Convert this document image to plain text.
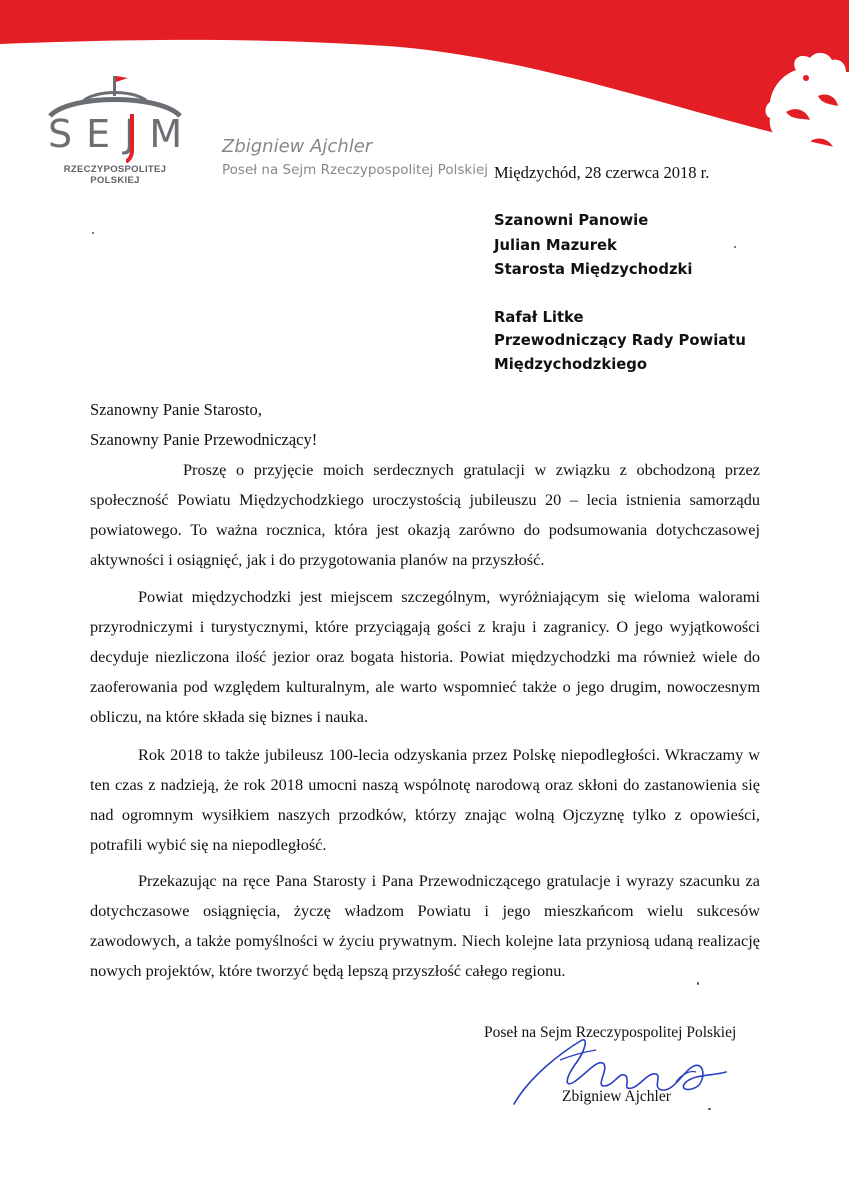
SEJM
RZECZYPOSPOLITEJ POLSKIEJ
Zbigniew Ajchler
Poseł na Sejm Rzeczypospolitej Polskiej Międzychód, 28 czerwca 2018 r.
Szanowni Panowie
Julian Mazurek
Starosta Międzychodzki
Rafał Litke
Przewodniczący Rady Powiatu
Międzychodzkiego
Szanowny Panie Starosto,
Szanowny Panie Przewodniczący!

Proszę o przyjęcie moich serdecznych gratulacji w związku z obchodzoną przez społeczność Powiatu Międzychodzkiego uroczystością jubileuszu 20 – lecia istnienia samorządu powiatowego. To ważna rocznica, która jest okazją zarówno do podsumowania dotychczasowej aktywności i osiągnięć, jak i do przygotowania planów na przyszłość.

Powiat międzychodzki jest miejscem szczególnym, wyróżniającym się wieloma walorami przyrodniczymi i turystycznymi, które przyciągają gości z kraju i zagranicy. O jego wyjątkowości decyduje niezliczona ilość jezior oraz bogata historia. Powiat międzychodzki ma również wiele do zaoferowania pod względem kulturalnym, ale warto wspomnieć także o jego drugim, nowoczesnym obliczu, na które składa się biznes i nauka.

Rok 2018 to także jubileusz 100-lecia odzyskania przez Polskę niepodległości. Wkraczamy w ten czas z nadzieją, że rok 2018 umocni naszą wspólnotę narodową oraz skłoni do zastanowienia się nad ogromnym wysiłkiem naszych przodków, którzy znając wolną Ojczyznę tylko z opowieści, potrafili wybić się na niepodległość.

Przekazując na ręce Pana Starosty i Pana Przewodniczącego gratulacje i wyrazy szacunku za dotychczasowe osiągnięcia, życzę władzom Powiatu i jego mieszkańcom wielu sukcesów zawodowych, a także pomyślności w życiu prywatnym. Niech kolejne lata przyniosą udaną realizację nowych projektów, które tworzyć będą lepszą przyszłość całego regionu.

Poseł na Sejm Rzeczypospolitej Polskiej
Zbigniew Ajchler
